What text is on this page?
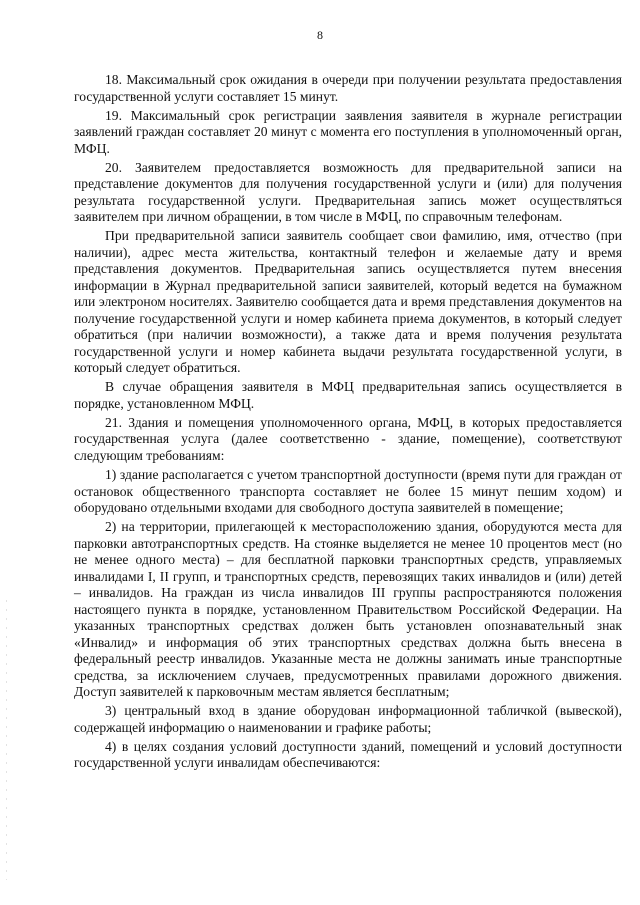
8

18. Максимальный срок ожидания в очереди при получении результата предоставления государственной услуги составляет 15 минут.

19. Максимальный срок регистрации заявления заявителя в журнале регистрации заявлений граждан составляет 20 минут с момента его поступления в уполномоченный орган, МФЦ.

20. Заявителем предоставляется возможность для предварительной записи на представление документов для получения государственной услуги и (или) для получения результата государственной услуги. Предварительная запись может осуществляться заявителем при личном обращении, в том числе в МФЦ, по справочным телефонам.

При предварительной записи заявитель сообщает свои фамилию, имя, отчество (при наличии), адрес места жительства, контактный телефон и желаемые дату и время представления документов. Предварительная запись осуществляется путем внесения информации в Журнал предварительной записи заявителей, который ведется на бумажном или электроном носителях. Заявителю сообщается дата и время представления документов на получение государственной услуги и номер кабинета приема документов, в который следует обратиться (при наличии возможности), а также дата и время получения результата государственной услуги и номер кабинета выдачи результата государственной услуги, в который следует обратиться.

В случае обращения заявителя в МФЦ предварительная запись осуществляется в порядке, установленном МФЦ.

21. Здания и помещения уполномоченного органа, МФЦ, в которых предоставляется государственная услуга (далее соответственно - здание, помещение), соответствуют следующим требованиям:

1) здание располагается с учетом транспортной доступности (время пути для граждан от остановок общественного транспорта составляет не более 15 минут пешим ходом) и оборудовано отдельными входами для свободного доступа заявителей в помещение;

2) на территории, прилегающей к месторасположению здания, оборудуются места для парковки автотранспортных средств. На стоянке выделяется не менее 10 процентов мест (но не менее одного места) – для бесплатной парковки транспортных средств, управляемых инвалидами I, II групп, и транспортных средств, перевозящих таких инвалидов и (или) детей – инвалидов. На граждан из числа инвалидов III группы распространяются положения настоящего пункта в порядке, установленном Правительством Российской Федерации. На указанных транспортных средствах должен быть установлен опознавательный знак «Инвалид» и информация об этих транспортных средствах должна быть внесена в федеральный реестр инвалидов. Указанные места не должны занимать иные транспортные средства, за исключением случаев, предусмотренных правилами дорожного движения. Доступ заявителей к парковочным местам является бесплатным;

3) центральный вход в здание оборудован информационной табличкой (вывеской), содержащей информацию о наименовании и графике работы;

4) в целях создания условий доступности зданий, помещений и условий доступности государственной услуги инвалидам обеспечиваются:
